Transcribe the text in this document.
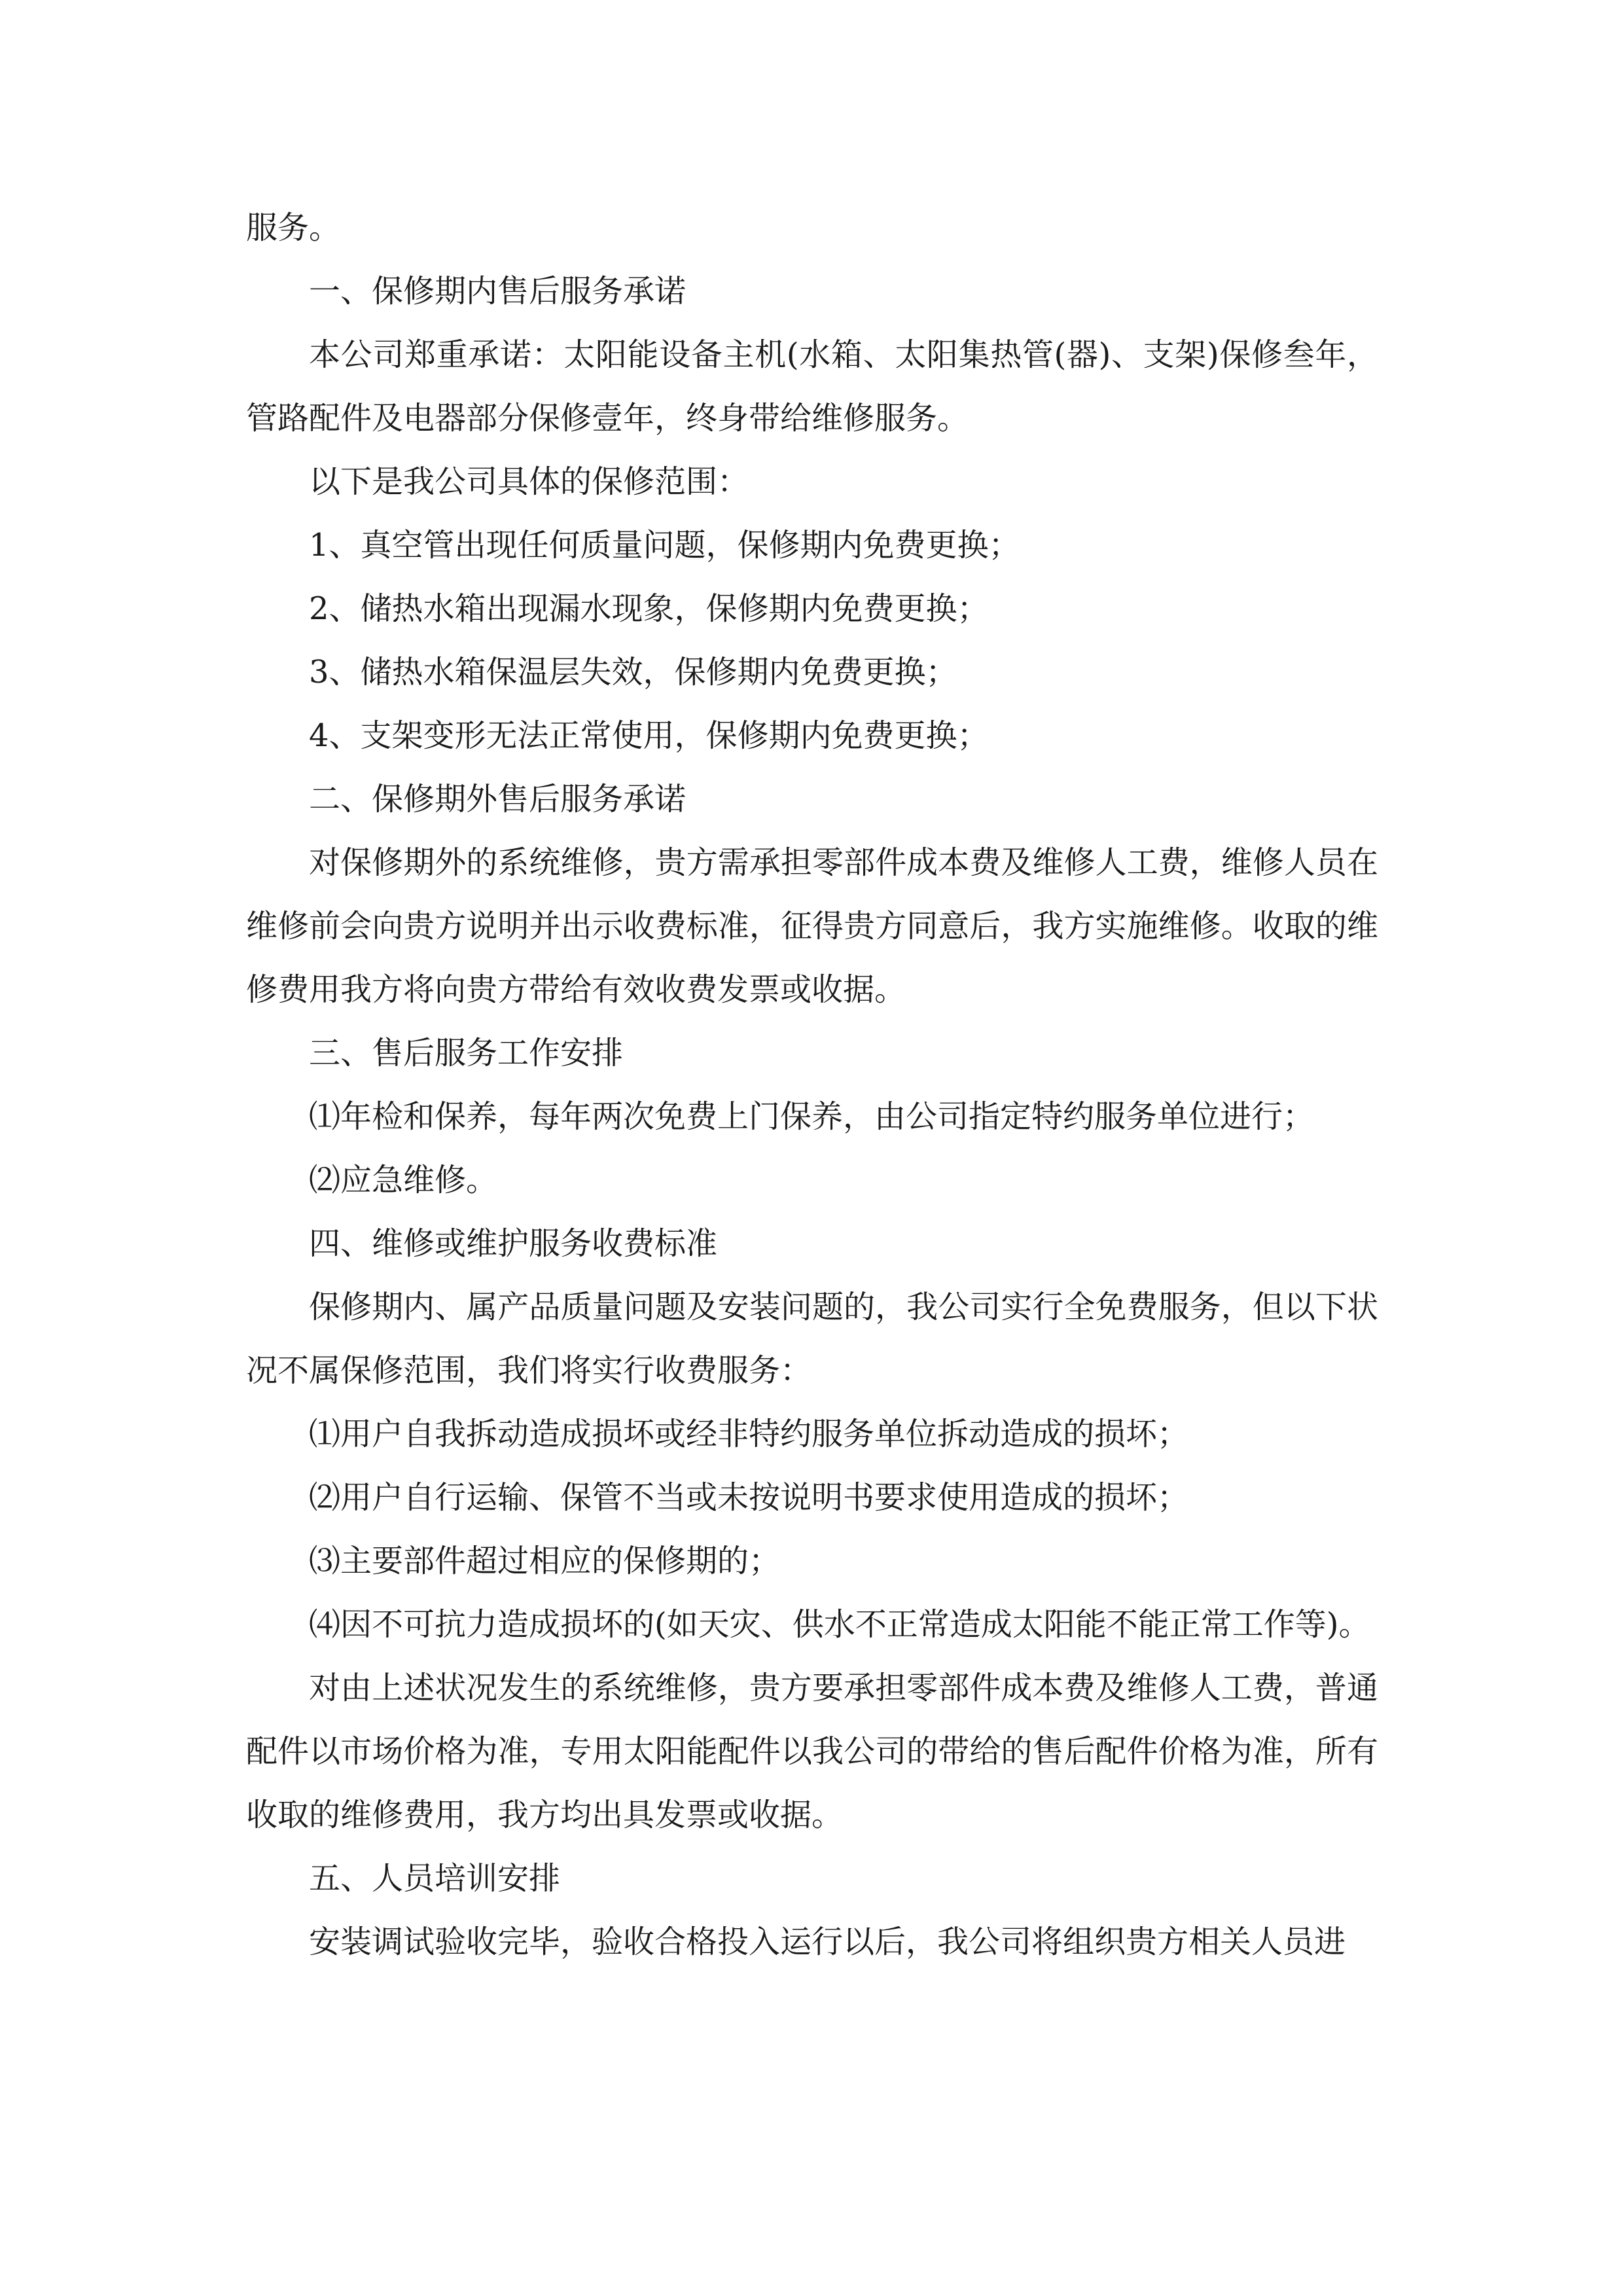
服务。

一、保修期内售后服务承诺

本公司郑重承诺：太阳能设备主机(水箱、太阳集热管(器)、支架)保修叁年，管路配件及电器部分保修壹年，终身带给维修服务。

以下是我公司具体的保修范围：

1、真空管出现任何质量问题，保修期内免费更换；

2、储热水箱出现漏水现象，保修期内免费更换；

3、储热水箱保温层失效，保修期内免费更换；

4、支架变形无法正常使用，保修期内免费更换；

二、保修期外售后服务承诺

对保修期外的系统维修，贵方需承担零部件成本费及维修人工费，维修人员在维修前会向贵方说明并出示收费标准，征得贵方同意后，我方实施维修。收取的维修费用我方将向贵方带给有效收费发票或收据。

三、售后服务工作安排

⑴年检和保养，每年两次免费上门保养，由公司指定特约服务单位进行；

⑵应急维修。

四、维修或维护服务收费标准

保修期内、属产品质量问题及安装问题的，我公司实行全免费服务，但以下状况不属保修范围，我们将实行收费服务：

⑴用户自我拆动造成损坏或经非特约服务单位拆动造成的损坏；

⑵用户自行运输、保管不当或未按说明书要求使用造成的损坏；

⑶主要部件超过相应的保修期的；

⑷因不可抗力造成损坏的(如天灾、供水不正常造成太阳能不能正常工作等)。

对由上述状况发生的系统维修，贵方要承担零部件成本费及维修人工费，普通配件以市场价格为准，专用太阳能配件以我公司的带给的售后配件价格为准，所有收取的维修费用，我方均出具发票或收据。

五、人员培训安排

安装调试验收完毕，验收合格投入运行以后，我公司将组织贵方相关人员进
